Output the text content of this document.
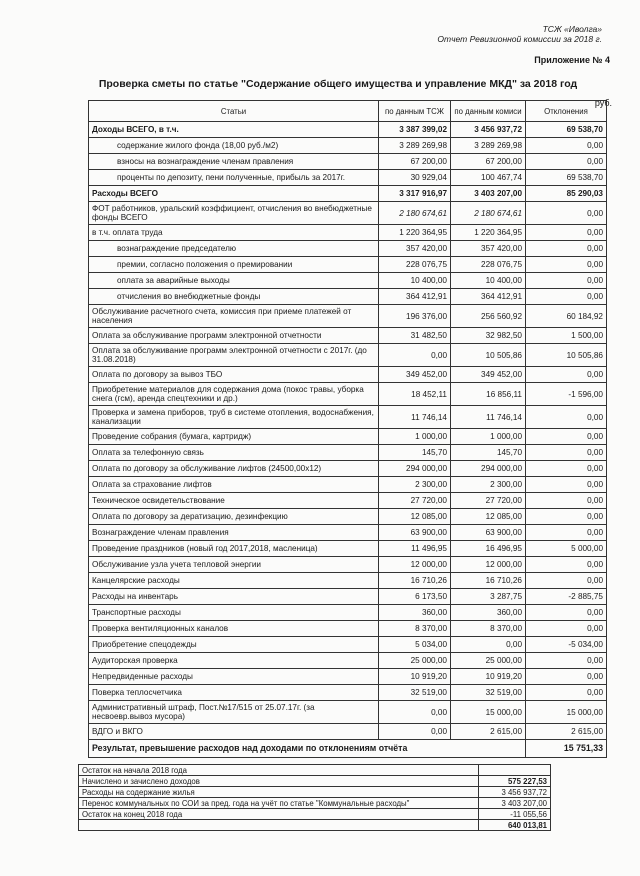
ТСЖ «Иволга»
Отчет Ревизионной комиссии за 2018 г.
Приложение № 4
Проверка сметы по статье "Содержание общего имущества и управление МКД" за 2018 год
руб.
Статьи	по данным ТСЖ	по данным комиси	Отклонения
Доходы ВСЕГО, в т.ч.	3 387 399,02	3 456 937,72	69 538,70
содержание жилого фонда (18,00 руб./м2)	3 289 269,98	3 289 269,98	0,00
взносы на вознаграждение членам правления	67 200,00	67 200,00	0,00
проценты по депозиту, пени полученные, прибыль за 2017г.	30 929,04	100 467,74	69 538,70
Расходы ВСЕГО	3 317 916,97	3 403 207,00	85 290,03
ФОТ работников, уральский коэффициент, отчисления во внебюджетные фонды ВСЕГО	2 180 674,61	2 180 674,61	0,00
в т.ч. оплата труда	1 220 364,95	1 220 364,95	0,00
вознаграждение председателю	357 420,00	357 420,00	0,00
премии, согласно положения о премировании	228 076,75	228 076,75	0,00
оплата за аварийные выходы	10 400,00	10 400,00	0,00
отчисления во внебюджетные фонды	364 412,91	364 412,91	0,00
Обслуживание расчетного счета, комиссия при приеме платежей от населения	196 376,00	256 560,92	60 184,92
Оплата за обслуживание программ электронной отчетности	31 482,50	32 982,50	1 500,00
Оплата за обслуживание программ электронной отчетности с 2017г. (до 31.08.2018)	0,00	10 505,86	10 505,86
Оплата по договору за вывоз ТБО	349 452,00	349 452,00	0,00
Приобретение материалов для содержания дома (покос травы, уборка снега (гсм), аренда спецтехники и др.)	18 452,11	16 856,11	-1 596,00
Проверка и замена приборов, труб в системе отопления, водоснабжения, канализации	11 746,14	11 746,14	0,00
Проведение собрания (бумага, картридж)	1 000,00	1 000,00	0,00
Оплата за телефонную связь	145,70	145,70	0,00
Оплата по договору за обслуживание лифтов (24500,00x12)	294 000,00	294 000,00	0,00
Оплата за страхование лифтов	2 300,00	2 300,00	0,00
Техническое освидетельствование	27 720,00	27 720,00	0,00
Оплата по договору за дератизацию, дезинфекцию	12 085,00	12 085,00	0,00
Вознаграждение членам правления	63 900,00	63 900,00	0,00
Проведение праздников (новый год 2017,2018, масленица)	11 496,95	16 496,95	5 000,00
Обслуживание узла учета тепловой энергии	12 000,00	12 000,00	0,00
Канцелярские расходы	16 710,26	16 710,26	0,00
Расходы на инвентарь	6 173,50	3 287,75	-2 885,75
Транспортные расходы	360,00	360,00	0,00
Проверка вентиляционных каналов	8 370,00	8 370,00	0,00
Приобретение спецодежды	5 034,00	0,00	-5 034,00
Аудиторская проверка	25 000,00	25 000,00	0,00
Непредвиденные расходы	10 919,20	10 919,20	0,00
Поверка теплосчетчика	32 519,00	32 519,00	0,00
Административный штраф, Пост.№17/515 от 25.07.17г. (за несвоевр.вывоз мусора)	0,00	15 000,00	15 000,00
ВДГО и ВКГО	0,00	2 615,00	2 615,00
Результат, превышение расходов над доходами по отклонениям отчёта			15 751,33
Остаток на начала 2018 года	
Начислено и зачислено доходов	575 227,53
Расходы на содержание жилья	3 456 937,72
Перенос коммунальных по СОИ за пред. года на учёт по статье "Коммунальные расходы"	3 403 207,00
Остаток на конец 2018 года	-11 055,56
	640 013,81
